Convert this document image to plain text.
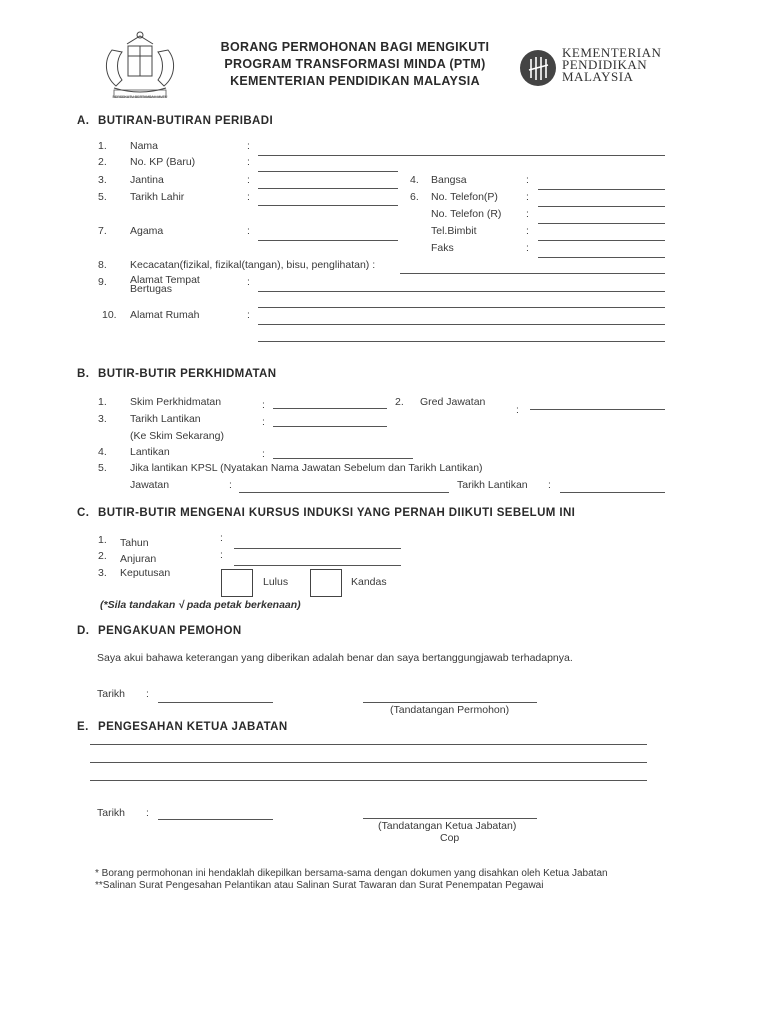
BERSEKUTU BERTAMBAH MUTU
BORANG PERMOHONAN BAGI MENGIKUTI
PROGRAM TRANSFORMASI MINDA (PTM)
KEMENTERIAN PENDIDIKAN MALAYSIA
KEMENTERIAN
PENDIDIKAN
MALAYSIA
A. BUTIRAN-BUTIRAN PERIBADI
1. Nama	:
2. No. KP (Baru)	:
3. Jantina	:	4. Bangsa	:
5. Tarikh Lahir	:	6. No. Telefon(P)	:
No. Telefon (R) :
7. Agama	:	Tel.Bimbit	:
Faks	:
8. Kecacatan(fizikal, fizikal(tangan), bisu, penglihatan) :
9. Alamat Tempat
Bertugas
:
10. Alamat Rumah	:
B. BUTIR-BUTIR PERKHIDMATAN
1. Skim Perkhidmatan	:	2. Gred Jawatan
:
3. Tarikh Lantikan	:
(Ke Skim Sekarang)
4. Lantikan	:
5. Jika lantikan KPSL (Nyatakan Nama Jawatan Sebelum dan Tarikh Lantikan)
Jawatan	:	Tarikh Lantikan :
C. BUTIR-BUTIR MENGENAI KURSUS INDUKSI YANG PERNAH DIIKUTI SEBELUM INI
1. Tahun	:
2. Anjuran	:
3. Keputusan
Lulus	Kandas
(*Sila tandakan √ pada petak berkenaan)
D. PENGAKUAN PEMOHON
Saya akui bahawa keterangan yang diberikan adalah benar dan saya bertanggungjawab terhadapnya.
Tarikh :
(Tandatangan Permohon)
E. PENGESAHAN KETUA JABATAN
Tarikh :
(Tandatangan Ketua Jabatan)
Cop
* Borang permohonan ini hendaklah dikepilkan bersama-sama dengan dokumen yang disahkan oleh Ketua Jabatan
**Salinan Surat Pengesahan Pelantikan atau Salinan Surat Tawaran dan Surat Penempatan Pegawai
